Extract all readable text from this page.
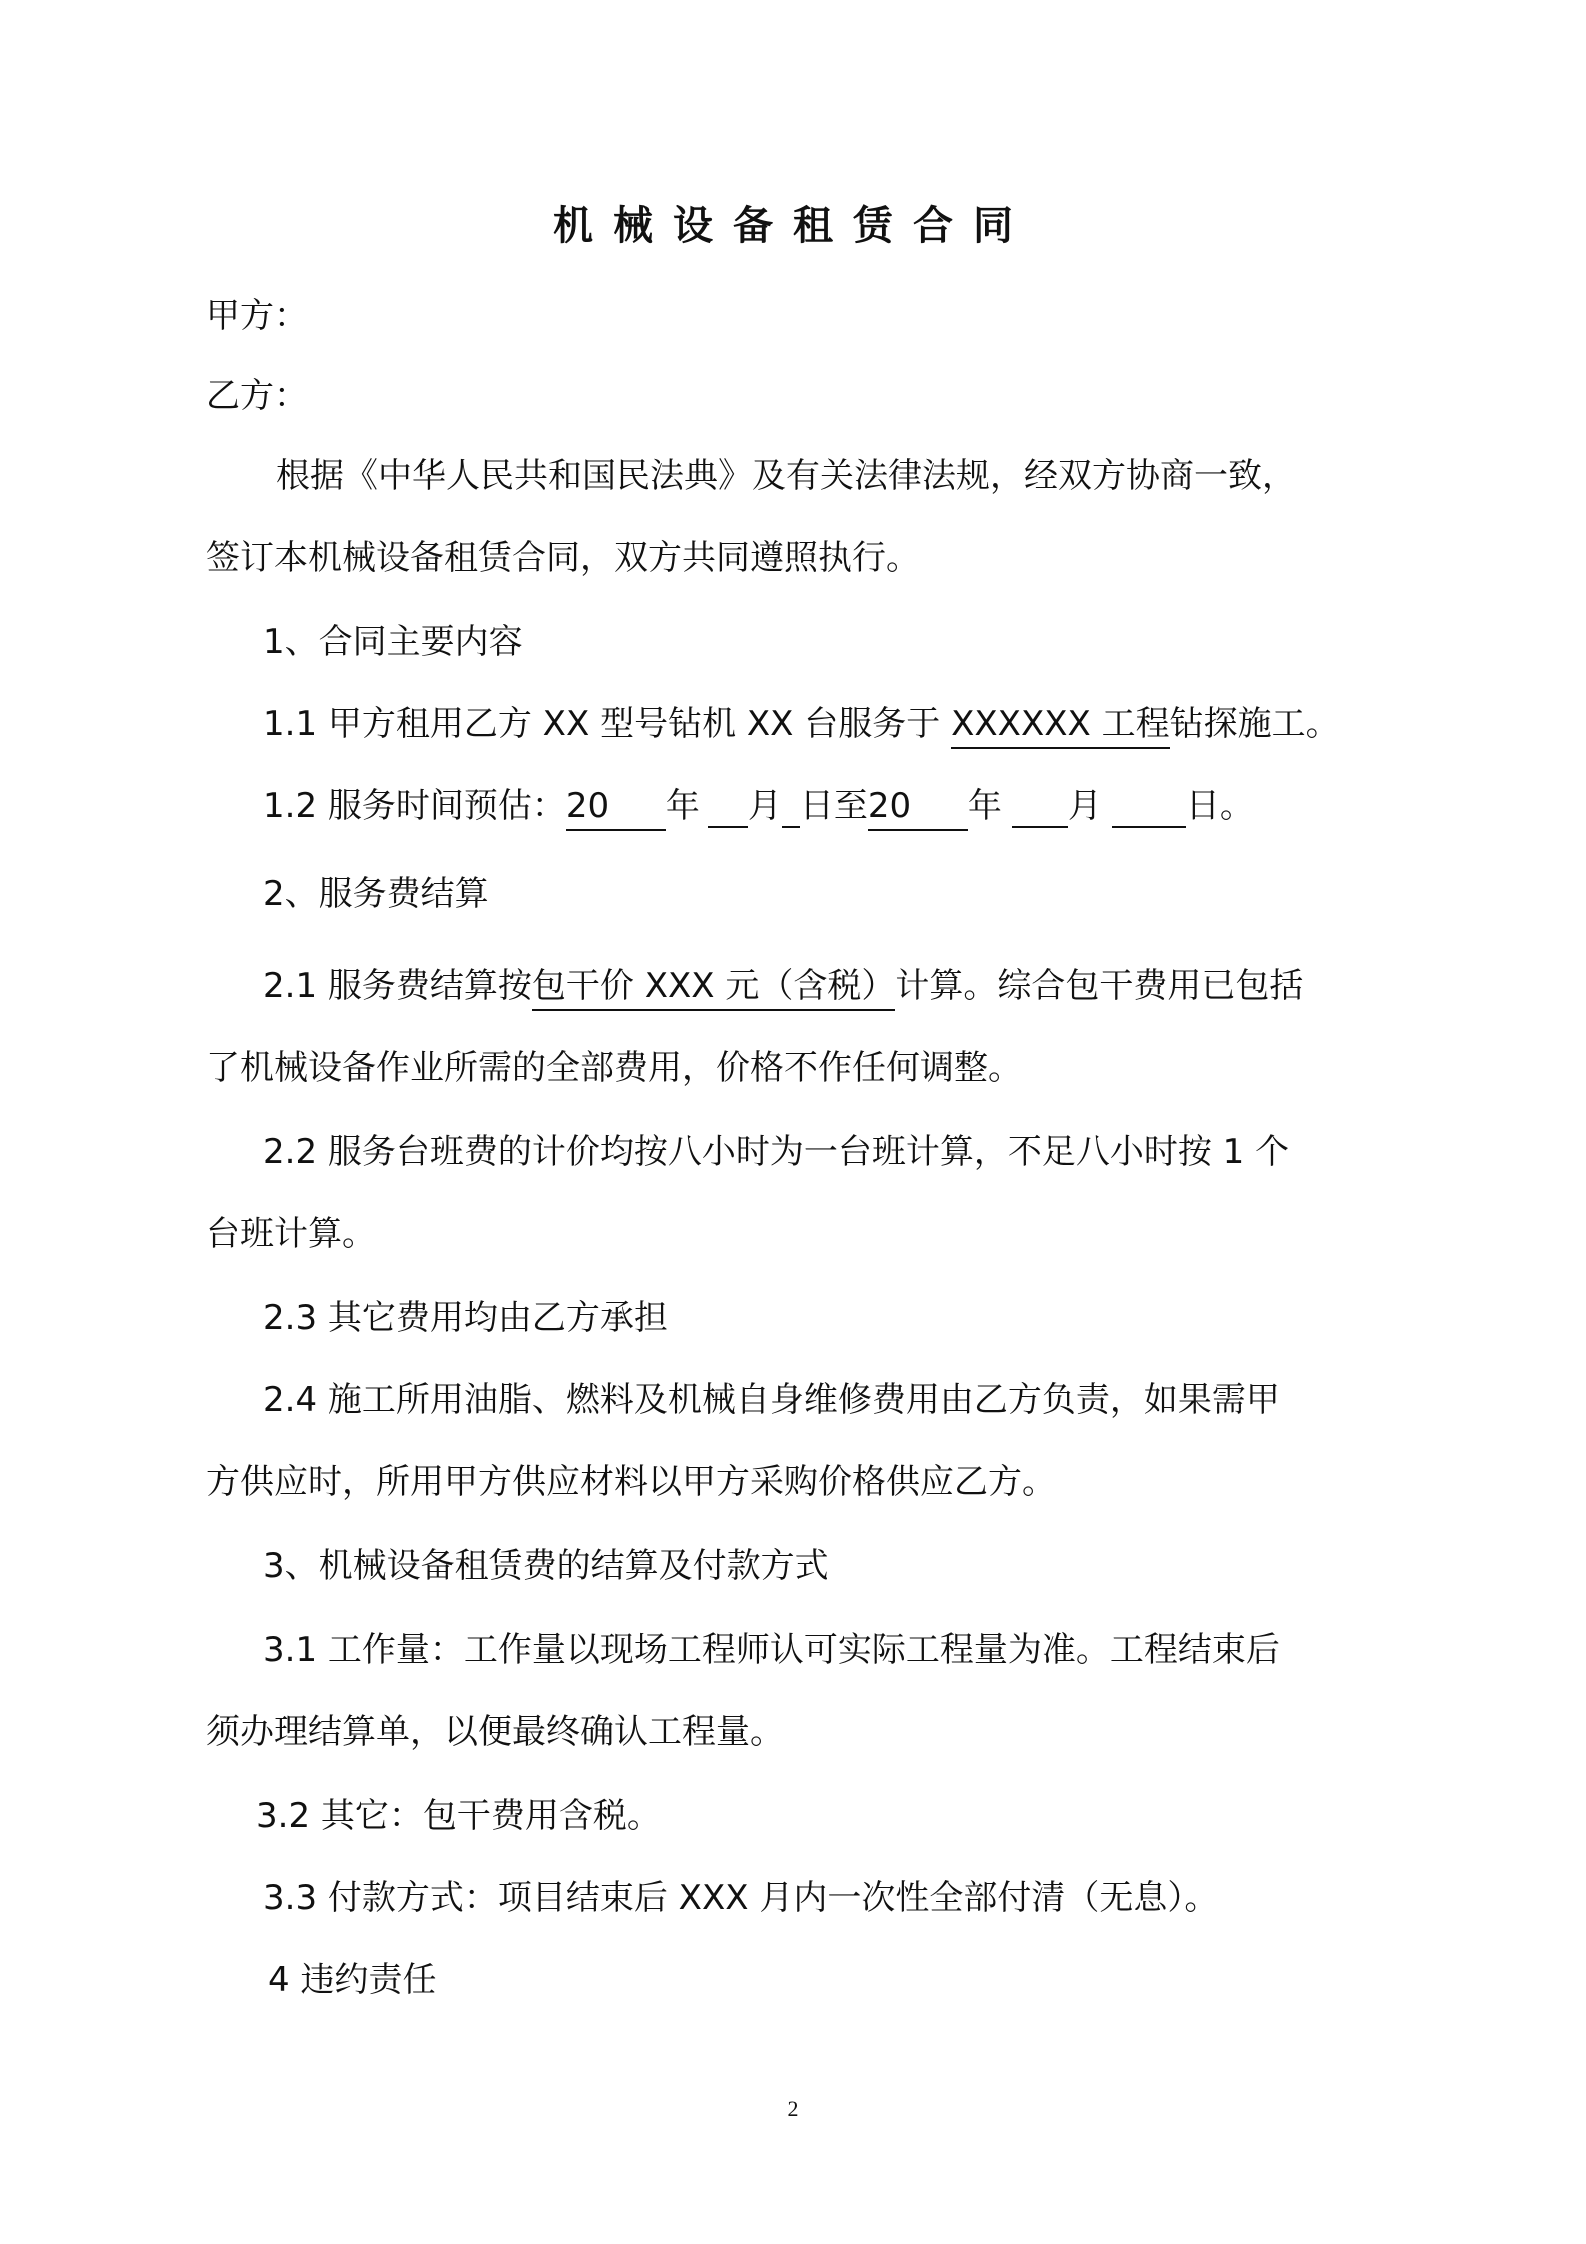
机械设备租赁合同
甲方：
乙方：
根据《中华人民共和国民法典》及有关法律法规，经双方协商一致，
签订本机械设备租赁合同，双方共同遵照执行。
1、合同主要内容
1.1 甲方租用乙方 XX 型号钻机 XX 台服务于 XXXXXX 工程钻探施工。
1.2 服务时间预估：20 年 月 日至20 年 月 日。
2、服务费结算
2.1 服务费结算按包干价 XXX 元（含税）计算。综合包干费用已包括
了机械设备作业所需的全部费用，价格不作任何调整。
2.2 服务台班费的计价均按八小时为一台班计算，不足八小时按 1 个
台班计算。
2.3 其它费用均由乙方承担
2.4 施工所用油脂、燃料及机械自身维修费用由乙方负责，如果需甲
方供应时，所用甲方供应材料以甲方采购价格供应乙方。
3、机械设备租赁费的结算及付款方式
3.1 工作量：工作量以现场工程师认可实际工程量为准。工程结束后
须办理结算单，以便最终确认工程量。
3.2 其它：包干费用含税。
3.3 付款方式：项目结束后 XXX 月内一次性全部付清（无息）。
4 违约责任
2
